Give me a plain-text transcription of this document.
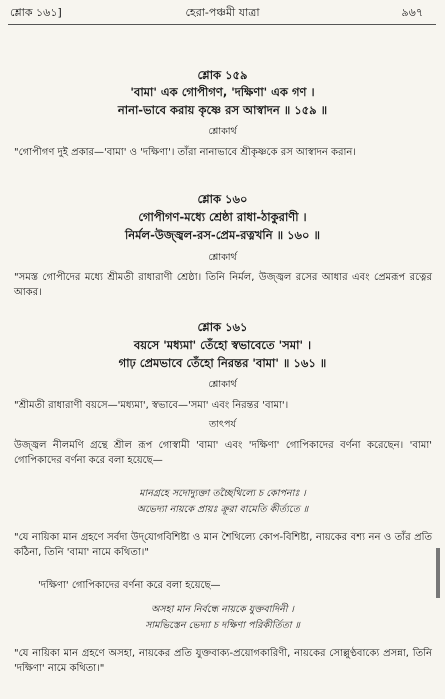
শ্লোক ১৬১]	হেরা-পঞ্চমী যাত্রা	৯৬৭
শ্লোক ১৫৯
'বামা' এক গোপীগণ, 'দক্ষিণা' এক গণ ।
নানা-ভাবে করায় কৃষ্ণে রস আস্বাদন ॥ ১৫৯ ॥
শ্লোকার্থ
"গোপীগণ দুই প্রকার—'বামা' ও 'দক্ষিণা'। তাঁরা নানাভাবে শ্রীকৃষ্ণকে রস আস্বাদন করান।
শ্লোক ১৬০
গোপীগণ-মধ্যে শ্রেষ্ঠা রাধা-ঠাকুরাণী ।
নির্মল-উজ্জ্বল-রস-প্রেম-রত্নখনি ॥ ১৬০ ॥
শ্লোকার্থ
"সমস্ত গোপীদের মধ্যে শ্রীমতী রাধারাণী শ্রেষ্ঠা। তিনি নির্মল, উজ্জ্বল রসের আধার এবং প্রেমরূপ রত্নের আকর।
শ্লোক ১৬১
বয়সে 'মধ্যমা' তেঁহো স্বভাবেতে 'সমা' ।
গাঢ় প্রেমভাবে তেঁহো নিরন্তর 'বামা' ॥ ১৬১ ॥
শ্লোকার্থ
"শ্রীমতী রাধারাণী বয়সে—'মধ্যমা', স্বভাবে—'সমা' এবং নিরন্তর 'বামা'।
তাৎপর্য
উজ্জ্বল নীলমণি গ্রন্থে শ্রীল রূপ গোস্বামী 'বামা' এবং 'দক্ষিণা' গোপিকাদের বর্ণনা করেছেন। 'বামা' গোপিকাদের বর্ণনা করে বলা হয়েছে—
মানগ্রহে সদোদ্যুক্তা তচ্ছৈথিল্যে চ কোপনাঃ ।
অভেদ্যা নায়কে প্রায়ঃ ক্রূরা বামেতি কীর্ত্যতে ॥
"যে নায়িকা মান গ্রহণে সর্বদা উদ্‌যোগবিশিষ্টা ও মান শৈথিল্যে কোপ-বিশিষ্টা, নায়কের বশ্য নন ও তাঁর প্রতি কঠিনা, তিনি 'বামা' নামে কথিতা।"
'দক্ষিণা' গোপিকাদের বর্ণনা করে বলা হয়েছে—
অসহা মান নির্বন্ধে নায়কে যুক্তবাদিনী ।
সামভিস্তেন ভেদ্যা চ দক্ষিণা পরিকীর্তিতা ॥
"যে নায়িকা মান গ্রহণে অসহা, নায়কের প্রতি যুক্তবাক্য-প্রয়োগকারিণী, নায়কের সোল্লুণ্ঠবাক্যে প্রসন্না, তিনি 'দক্ষিণা' নামে কথিতা।"
